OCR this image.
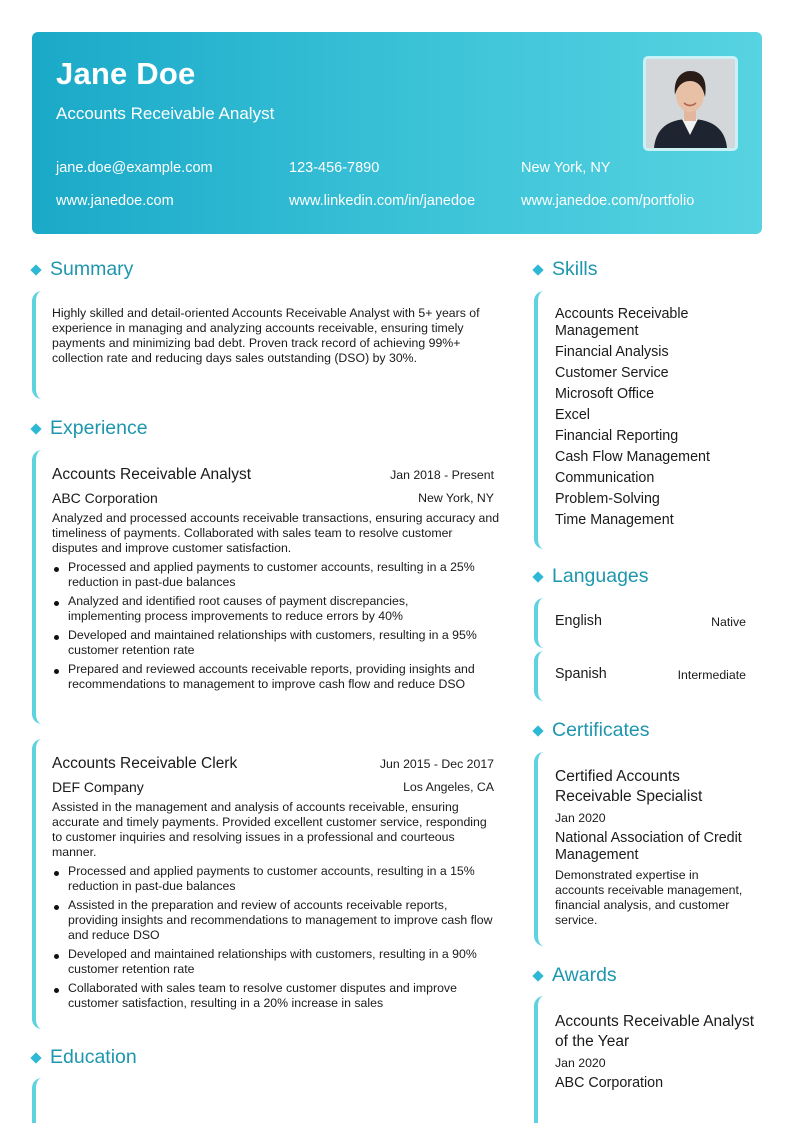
Jane Doe
Accounts Receivable Analyst
jane.doe@example.com	123-456-7890	New York, NY
www.janedoe.com	www.linkedin.com/in/janedoe	www.janedoe.com/portfolio
Summary
Highly skilled and detail-oriented Accounts Receivable Analyst with 5+ years of experience in managing and analyzing accounts receivable, ensuring timely payments and minimizing bad debt. Proven track record of achieving 99%+ collection rate and reducing days sales outstanding (DSO) by 30%.
Experience
Accounts Receivable Analyst	Jan 2018 - Present
ABC Corporation	New York, NY
Analyzed and processed accounts receivable transactions, ensuring accuracy and timeliness of payments. Collaborated with sales team to resolve customer disputes and improve customer satisfaction.
Processed and applied payments to customer accounts, resulting in a 25% reduction in past-due balances
Analyzed and identified root causes of payment discrepancies, implementing process improvements to reduce errors by 40%
Developed and maintained relationships with customers, resulting in a 95% customer retention rate
Prepared and reviewed accounts receivable reports, providing insights and recommendations to management to improve cash flow and reduce DSO
Accounts Receivable Clerk	Jun 2015 - Dec 2017
DEF Company	Los Angeles, CA
Assisted in the management and analysis of accounts receivable, ensuring accurate and timely payments. Provided excellent customer service, responding to customer inquiries and resolving issues in a professional and courteous manner.
Processed and applied payments to customer accounts, resulting in a 15% reduction in past-due balances
Assisted in the preparation and review of accounts receivable reports, providing insights and recommendations to management to improve cash flow and reduce DSO
Developed and maintained relationships with customers, resulting in a 90% customer retention rate
Collaborated with sales team to resolve customer disputes and improve customer satisfaction, resulting in a 20% increase in sales
Education
Skills
Accounts Receivable Management
Financial Analysis
Customer Service
Microsoft Office
Excel
Financial Reporting
Cash Flow Management
Communication
Problem-Solving
Time Management
Languages
English	Native
Spanish	Intermediate
Certificates
Certified Accounts Receivable Specialist
Jan 2020
National Association of Credit Management
Demonstrated expertise in accounts receivable management, financial analysis, and customer service.
Awards
Accounts Receivable Analyst of the Year
Jan 2020
ABC Corporation
